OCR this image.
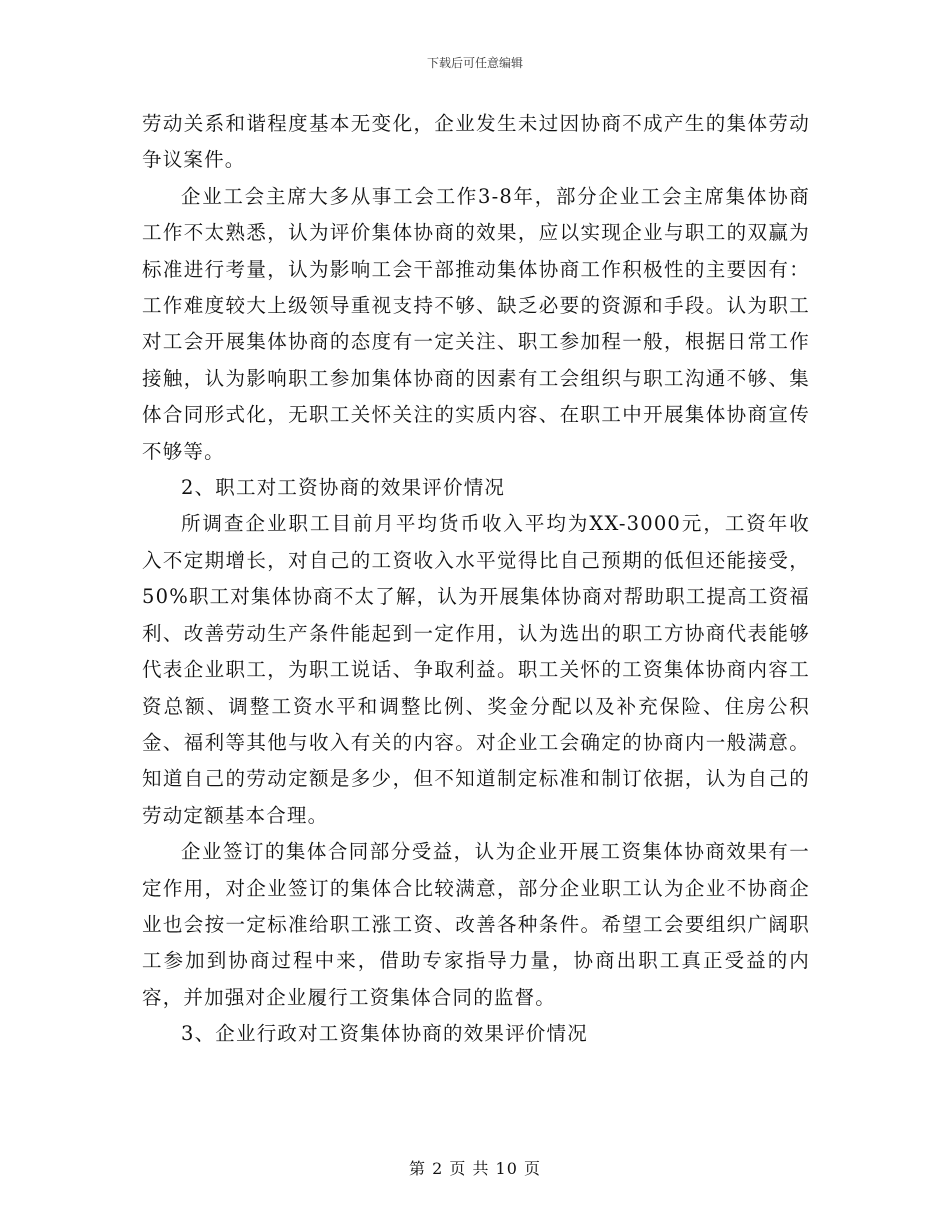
下载后可任意编辑

劳动关系和谐程度基本无变化，企业发生未过因协商不成产生的集体劳动争议案件。

企业工会主席大多从事工会工作3-8年，部分企业工会主席集体协商工作不太熟悉，认为评价集体协商的效果，应以实现企业与职工的双赢为标准进行考量，认为影响工会干部推动集体协商工作积极性的主要因有：工作难度较大上级领导重视支持不够、缺乏必要的资源和手段。认为职工对工会开展集体协商的态度有一定关注、职工参加程一般，根据日常工作接触，认为影响职工参加集体协商的因素有工会组织与职工沟通不够、集体合同形式化，无职工关怀关注的实质内容、在职工中开展集体协商宣传不够等。

2、职工对工资协商的效果评价情况

所调查企业职工目前月平均货币收入平均为XX-3000元，工资年收入不定期增长，对自己的工资收入水平觉得比自己预期的低但还能接受，50%职工对集体协商不太了解，认为开展集体协商对帮助职工提高工资福利、改善劳动生产条件能起到一定作用，认为选出的职工方协商代表能够代表企业职工，为职工说话、争取利益。职工关怀的工资集体协商内容工资总额、调整工资水平和调整比例、奖金分配以及补充保险、住房公积金、福利等其他与收入有关的内容。对企业工会确定的协商内一般满意。知道自己的劳动定额是多少，但不知道制定标准和制订依据，认为自己的劳动定额基本合理。

企业签订的集体合同部分受益，认为企业开展工资集体协商效果有一定作用，对企业签订的集体合比较满意，部分企业职工认为企业不协商企业也会按一定标准给职工涨工资、改善各种条件。希望工会要组织广阔职工参加到协商过程中来，借助专家指导力量，协商出职工真正受益的内容，并加强对企业履行工资集体合同的监督。

3、企业行政对工资集体协商的效果评价情况

第 2 页 共 10 页
